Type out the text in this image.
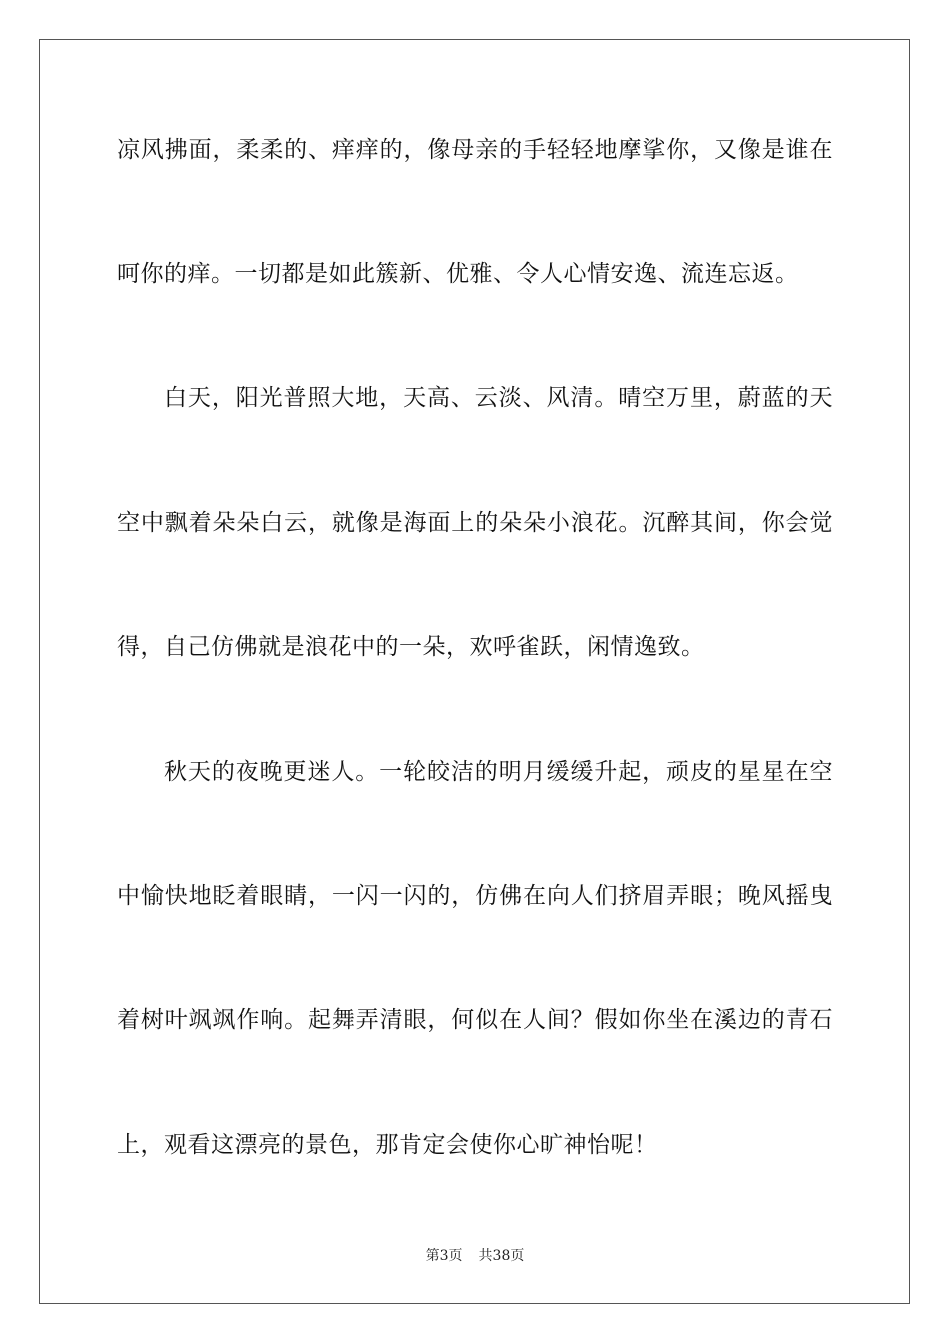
凉风拂面，柔柔的、痒痒的，像母亲的手轻轻地摩挲你，又像是谁在
呵你的痒。一切都是如此簇新、优雅、令人心情安逸、流连忘返。
白天，阳光普照大地，天高、云淡、风清。晴空万里，蔚蓝的天
空中飘着朵朵白云，就像是海面上的朵朵小浪花。沉醉其间，你会觉
得，自己仿佛就是浪花中的一朵，欢呼雀跃，闲情逸致。
秋天的夜晚更迷人。一轮皎洁的明月缓缓升起，顽皮的星星在空
中愉快地眨着眼睛，一闪一闪的，仿佛在向人们挤眉弄眼；晚风摇曳
着树叶飒飒作响。起舞弄清眼，何似在人间？假如你坐在溪边的青石
上，观看这漂亮的景色，那肯定会使你心旷神怡呢！
第3页 共38页
